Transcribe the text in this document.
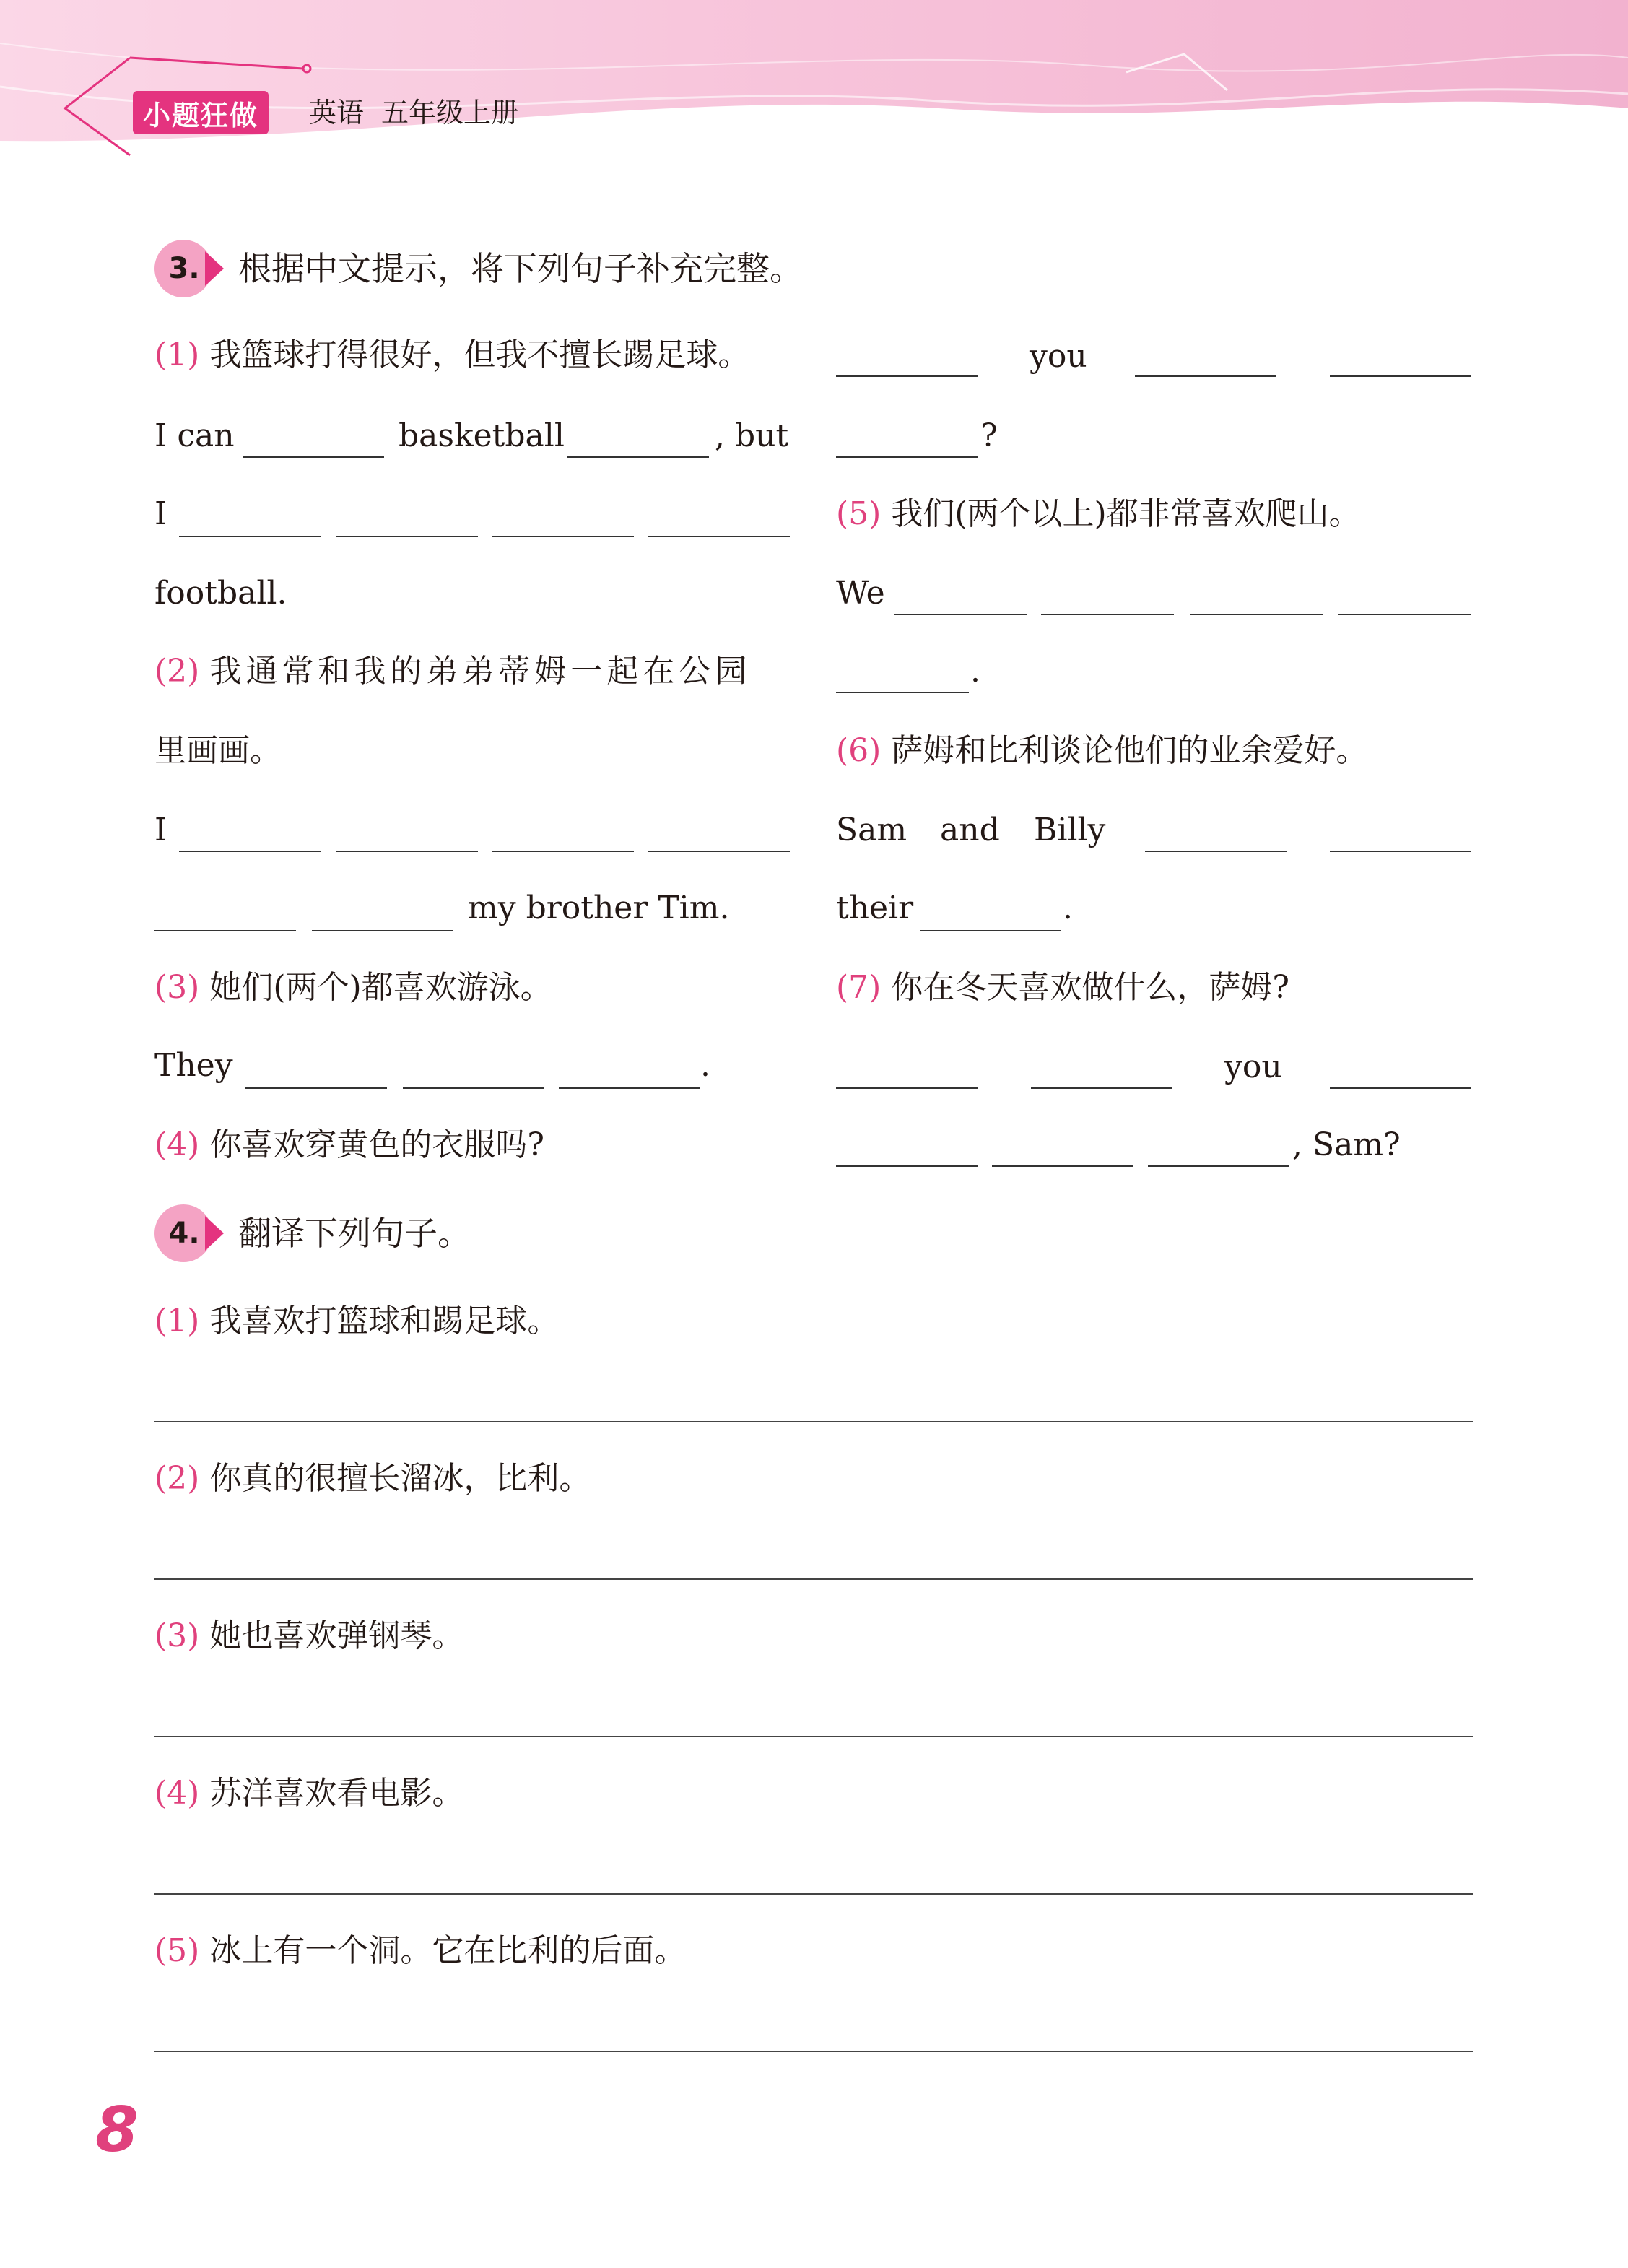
小题狂做	英语 五年级上册
3. 根据中文提示，将下列句子补充完整。
(1) 我篮球打得很好，但我不擅长踢足球。
I can	basketball	, but
I
football.
(2) 我通常和我的弟弟蒂姆一起在公园
里画画。
I
my brother Tim.
(3) 她们(两个)都喜欢游泳。
They	.
(4) 你喜欢穿黄色的衣服吗?
you
?
(5) 我们(两个以上)都非常喜欢爬山。
We
.
(6) 萨姆和比利谈论他们的业余爱好。
Sam and Billy
their	.
(7) 你在冬天喜欢做什么，萨姆?
you
, Sam?
4. 翻译下列句子。
(1) 我喜欢打篮球和踢足球。
(2) 你真的很擅长溜冰，比利。
(3) 她也喜欢弹钢琴。
(4) 苏洋喜欢看电影。
(5) 冰上有一个洞。它在比利的后面。
8
